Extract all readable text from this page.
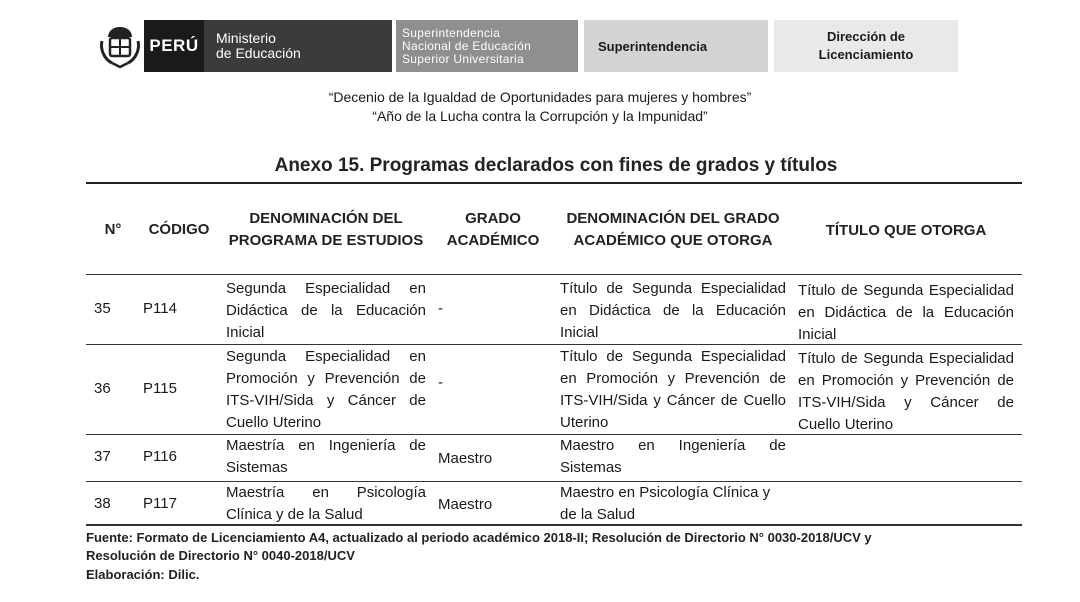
PERÚ	Ministerio
de Educación
Superintendencia
Nacional de Educación
Superior Universitaria
Superintendencia
Dirección de
Licenciamiento
“Decenio de la Igualdad de Oportunidades para mujeres y hombres”
“Año de la Lucha contra la Corrupción y la Impunidad”
Anexo 15. Programas declarados con fines de grados y títulos
N°	CÓDIGO
DENOMINACIÓN DEL
PROGRAMA DE ESTUDIOS
GRADO
ACADÉMICO
DENOMINACIÓN DEL GRADO
ACADÉMICO QUE OTORGA
TÍTULO QUE OTORGA
35 P114
Segunda Especialidad en Didáctica de la Educación Inicial
-
Título de Segunda Especialidad en Didáctica de la Educación Inicial
Título de Segunda Especialidad en Didáctica de la Educación Inicial
36 P115
Segunda Especialidad en Promoción y Prevención de ITS-VIH/Sida y Cáncer de Cuello Uterino
-
Título de Segunda Especialidad en Promoción y Prevención de ITS-VIH/Sida y Cáncer de Cuello Uterino
Título de Segunda Especialidad en Promoción y Prevención de ITS-VIH/Sida y Cáncer de Cuello Uterino
37 P116
Maestría en Ingeniería de Sistemas
Maestro
Maestro en Ingeniería de Sistemas
38 P117
Maestría en Psicología Clínica y de la Salud
Maestro
Maestro en Psicología Clínica y de la Salud
Fuente: Formato de Licenciamiento A4, actualizado al periodo académico 2018-II; Resolución de Directorio N° 0030-2018/UCV y
Resolución de Directorio N° 0040-2018/UCV
Elaboración: Dilic.
